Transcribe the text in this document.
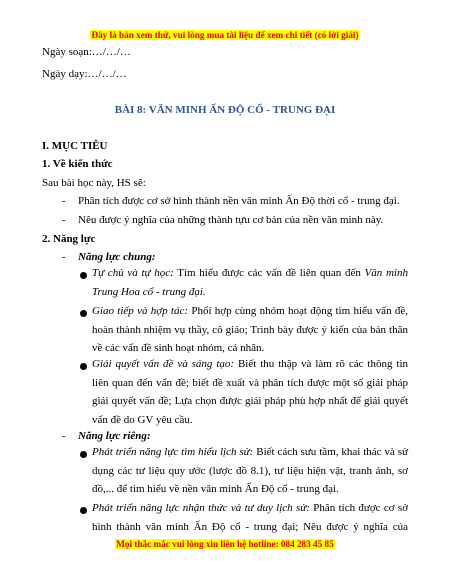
Đây là bản xem thử, vui lòng mua tài liệu để xem chi tiết (có lời giải)
Ngày soạn:…/…/…
Ngày dạy:…/…/…
BÀI 8: VĂN MINH ẤN ĐỘ CỔ - TRUNG ĐẠI
I. MỤC TIÊU
1. Về kiến thức
Sau bài học này, HS sẽ:
- Phân tích được cơ sở hình thành nền văn minh Ấn Độ thời cổ - trung đại.
- Nêu được ý nghĩa của những thành tựu cơ bản của nền văn minh này.
2. Năng lực
- Năng lực chung:
Tự chủ và tự học: Tìm hiểu được các vấn đề liên quan đến Văn minh Trung Hoa cổ - trung đại.
Giao tiếp và hợp tác: Phối hợp cùng nhóm hoạt động tìm hiểu vấn đề, hoàn thành nhiệm vụ thầy, cô giáo; Trình bày được ý kiến của bản thân về các vấn đề sinh hoạt nhóm, cá nhân.
Giải quyết vấn đề và sáng tạo: Biết thu thập và làm rõ các thông tin liên quan đến vấn đề; biết đề xuất và phân tích được một số giải pháp giải quyết vấn đề; Lựa chọn được giải pháp phù hợp nhất để giải quyết vấn đề do GV yêu cầu.
- Năng lực riêng:
Phát triển năng lực tìm hiểu lịch sử: Biết cách sưu tầm, khai thác và sử dụng các tư liệu quy ước (lược đồ 8.1), tư liệu hiện vật, tranh ảnh, sơ đồ,... để tìm hiểu về nền văn minh Ấn Độ cổ - trung đại.
Phát triển năng lực nhận thức và tư duy lịch sử: Phân tích được cơ sở hình thành văn minh Ấn Độ cổ - trung đại; Nêu được ý nghĩa của
Mọi thắc mắc vui lòng xin liên hệ hotline: 084 283 45 85
